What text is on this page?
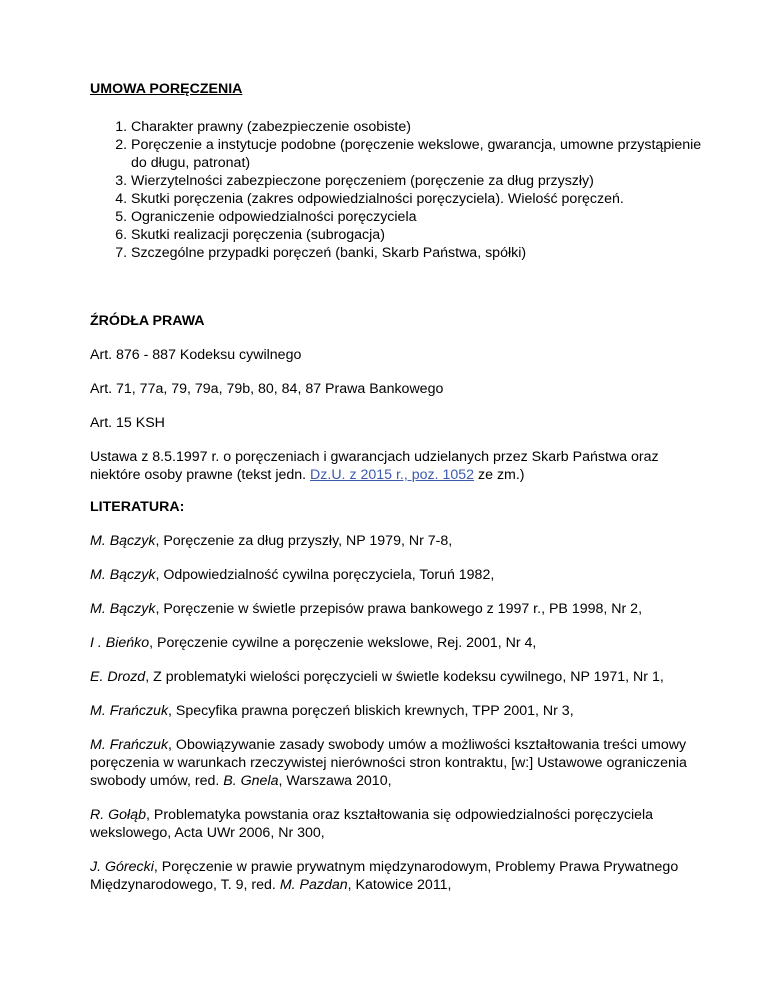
UMOWA PORĘCZENIA

1. Charakter prawny (zabezpieczenie osobiste)
2. Poręczenie a instytucje podobne (poręczenie wekslowe, gwarancja, umowne przystąpienie do długu, patronat)
3. Wierzytelności zabezpieczone poręczeniem (poręczenie za dług przyszły)
4. Skutki poręczenia (zakres odpowiedzialności poręczyciela). Wielość poręczeń.
5. Ograniczenie odpowiedzialności poręczyciela
6. Skutki realizacji poręczenia (subrogacja)
7. Szczególne przypadki poręczeń (banki, Skarb Państwa, spółki)

ŹRÓDŁA PRAWA

Art. 876 - 887 Kodeksu cywilnego

Art. 71, 77a, 79, 79a, 79b, 80, 84, 87 Prawa Bankowego

Art. 15 KSH

Ustawa z 8.5.1997 r. o poręczeniach i gwarancjach udzielanych przez Skarb Państwa oraz niektóre osoby prawne (tekst jedn. Dz.U. z 2015 r., poz. 1052 ze zm.)

LITERATURA:

M. Bączyk, Poręczenie za dług przyszły, NP 1979, Nr 7-8,

M. Bączyk, Odpowiedzialność cywilna poręczyciela, Toruń 1982,

M. Bączyk, Poręczenie w świetle przepisów prawa bankowego z 1997 r., PB 1998, Nr 2,

I . Bieńko, Poręczenie cywilne a poręczenie wekslowe, Rej. 2001, Nr 4,

E. Drozd, Z problematyki wielości poręczycieli w świetle kodeksu cywilnego, NP 1971, Nr 1,

M. Frańczuk, Specyfika prawna poręczeń bliskich krewnych, TPP 2001, Nr 3,

M. Frańczuk, Obowiązywanie zasady swobody umów a możliwości kształtowania treści umowy poręczenia w warunkach rzeczywistej nierówności stron kontraktu, [w:] Ustawowe ograniczenia swobody umów, red. B. Gnela, Warszawa 2010,

R. Gołąb, Problematyka powstania oraz kształtowania się odpowiedzialności poręczyciela wekslowego, Acta UWr 2006, Nr 300,

J. Górecki, Poręczenie w prawie prywatnym międzynarodowym, Problemy Prawa Prywatnego Międzynarodowego, T. 9, red. M. Pazdan, Katowice 2011,
